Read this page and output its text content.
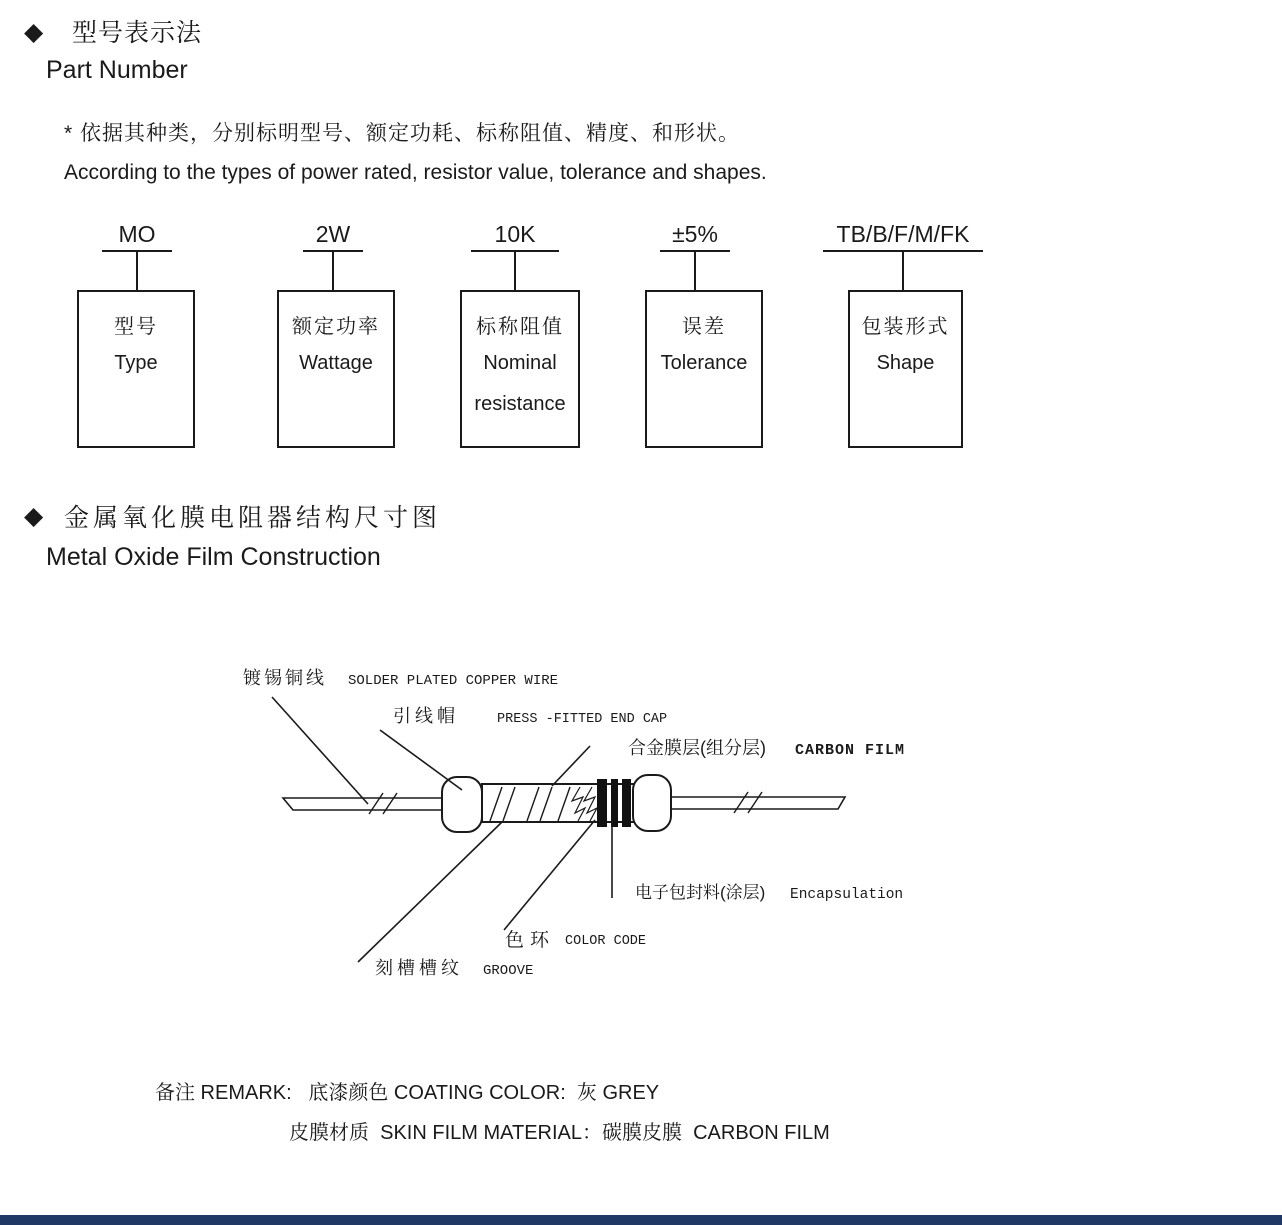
◆ 型号表示法
Part Number
* 依据其种类，分别标明型号、额定功耗、标称阻值、精度、和形状。
According to the types of power rated, resistor value, tolerance and shapes.
MO	2W	10K	±5%	TB/B/F/M/FK
型号
Type
额定功率
Wattage
标称阻值
Nominal
resistance
误差
Tolerance
包装形式
Shape
◆ 金属氧化膜电阻器结构尺寸图
Metal Oxide Film Construction
镀锡铜线 SOLDER PLATED COPPER WIRE
引线帽	PRESS -FITTED END CAP
合金膜层(组分层) CARBON FILM
电子包封料(涂层) Encapsulation
色环 COLOR CODE
刻槽槽纹 GROOVE
备注 REMARK:   底漆颜色 COATING COLOR:  灰 GREY
皮膜材质  SKIN FILM MATERIAL：碳膜皮膜  CARBON FILM
